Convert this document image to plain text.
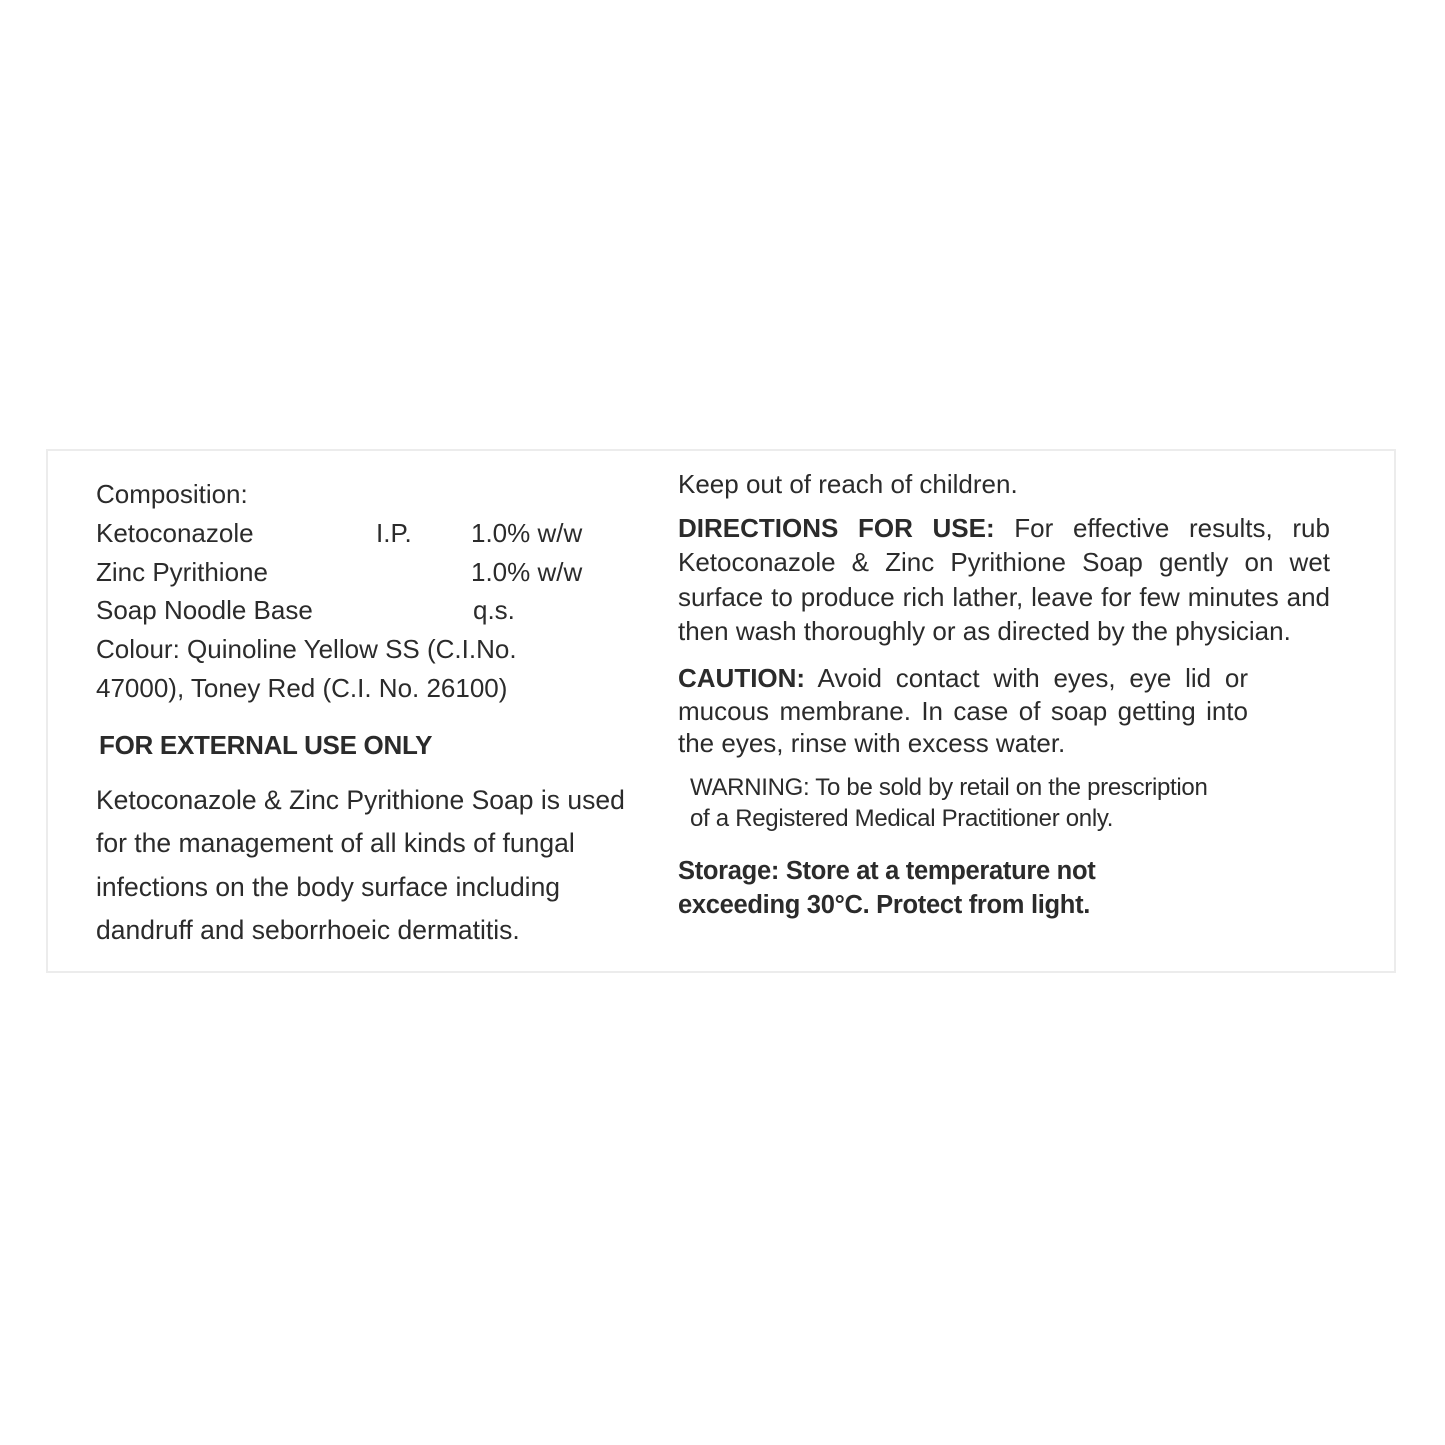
Composition:
Ketoconazole	I.P. 1.0% w/w
Zinc Pyrithione	1.0% w/w
Soap Noodle Base	q.s.
Colour: Quinoline Yellow SS (C.I.No.
47000), Toney Red (C.I. No. 26100)
FOR EXTERNAL USE ONLY
Ketoconazole & Zinc Pyrithione Soap is used for the management of all kinds of fungal infections on the body surface including dandruff and seborrhoeic dermatitis.
Keep out of reach of children.
DIRECTIONS FOR USE: For effective results, rub Ketoconazole & Zinc Pyrithione Soap gently on wet surface to produce rich lather, leave for few minutes and then wash thoroughly or as directed by the physician.
CAUTION: Avoid contact with eyes, eye lid or mucous membrane. In case of soap getting into the eyes, rinse with excess water.
WARNING: To be sold by retail on the prescription
of a Registered Medical Practitioner only.
Storage: Store at a temperature not
exceeding 30°C. Protect from light.
